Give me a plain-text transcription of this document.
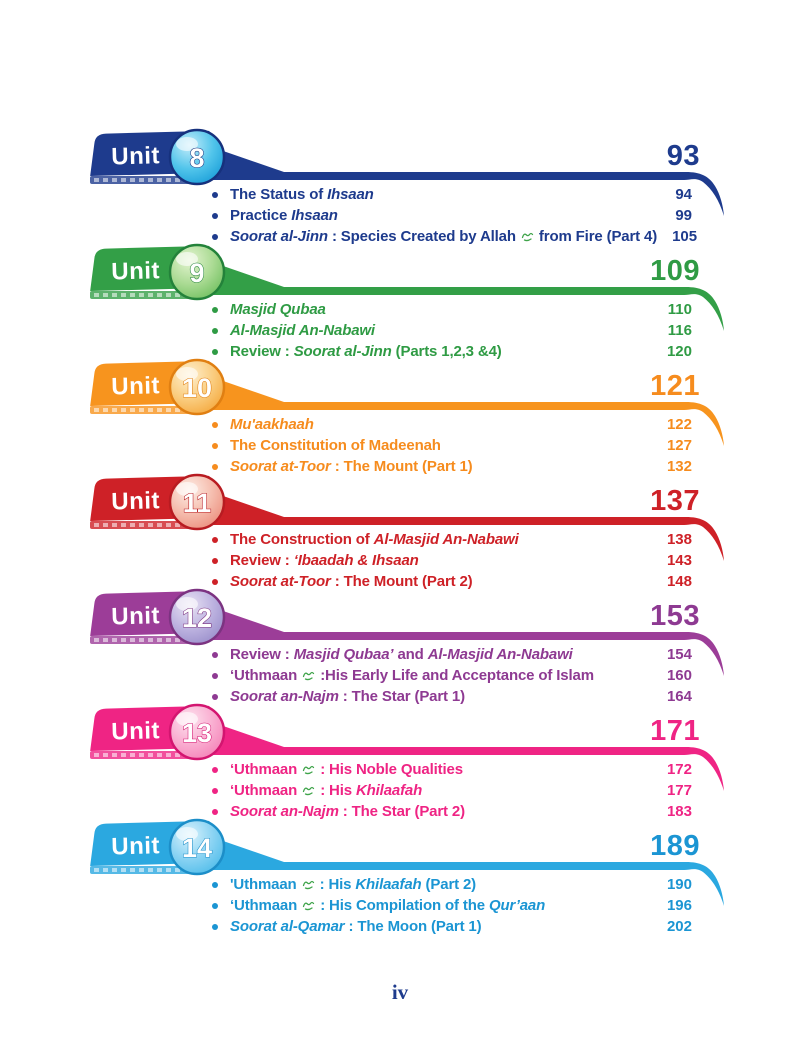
Unit 8	93
The Status of Ihsaan	94
Practice Ihsaan	99
Soorat al-Jinn : Species Created by Allah  from Fire (Part 4) 105
Unit 9	109
Masjid Qubaa	110
Al-Masjid An-Nabawi	116
Review : Soorat al-Jinn (Parts 1,2,3 &4)	120
Unit 10	121
Mu'aakhaah	122
The Constitution of Madeenah	127
Soorat at-Toor : The Mount (Part 1)	132
Unit 11	137
The Construction of Al-Masjid An-Nabawi	138
Review : ‘Ibaadah & Ihsaan	143
Soorat at-Toor : The Mount (Part 2)	148
Unit 12	153
Review : Masjid Qubaa’ and Al-Masjid An-Nabawi	154
‘Uthmaan  :His Early Life and Acceptance of Islam	160
Soorat an-Najm : The Star (Part 1)	164
Unit 13	171
‘Uthmaan  : His Noble Qualities	172
‘Uthmaan  : His Khilaafah	177
Soorat an-Najm : The Star (Part 2)	183
Unit 14	189
'Uthmaan  : His Khilaafah (Part 2)	190
‘Uthmaan  : His Compilation of the Qur’aan	196
Soorat al-Qamar : The Moon (Part 1)	202
iv
